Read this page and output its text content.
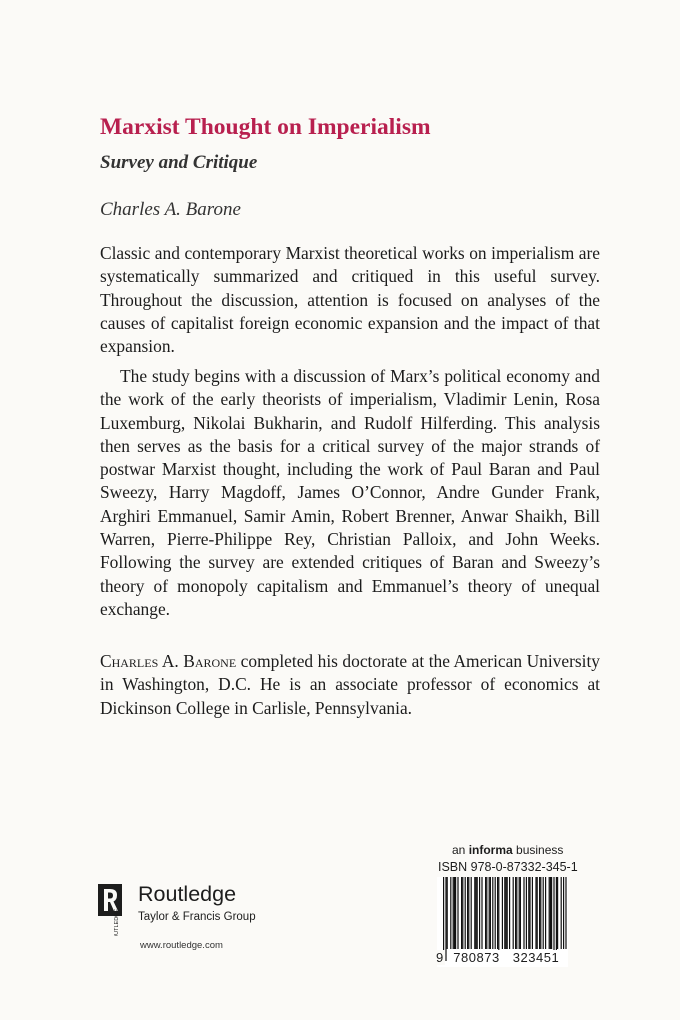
Marxist Thought on Imperialism
Survey and Critique
Charles A. Barone

Classic and contemporary Marxist theoretical works on imperialism are systematically summarized and critiqued in this useful survey. Throughout the discussion, attention is focused on analyses of the causes of capitalist foreign economic expansion and the impact of that expansion.

The study begins with a discussion of Marx’s political economy and the work of the early theorists of imperialism, Vladimir Lenin, Rosa Luxemburg, Nikolai Bukharin, and Rudolf Hilferding. This analysis then serves as the basis for a critical survey of the major strands of postwar Marxist thought, including the work of Paul Baran and Paul Sweezy, Harry Magdoff, James O’Connor, Andre Gunder Frank, Arghiri Emmanuel, Samir Amin, Robert Brenner, Anwar Shaikh, Bill Warren, Pierre-Philippe Rey, Christian Palloix, and John Weeks. Following the survey are extended critiques of Baran and Sweezy’s theory of monopoly capitalism and Emmanuel’s theory of unequal exchange.

Charles A. Barone completed his doctorate at the American University in Washington, D.C. He is an associate professor of economics at Dickinson College in Carlisle, Pennsylvania.

ROUTLEDGE
Routledge
Taylor & Francis Group
www.routledge.com
an informa business
ISBN 978-0-87332-345-1
9 780873	323451
